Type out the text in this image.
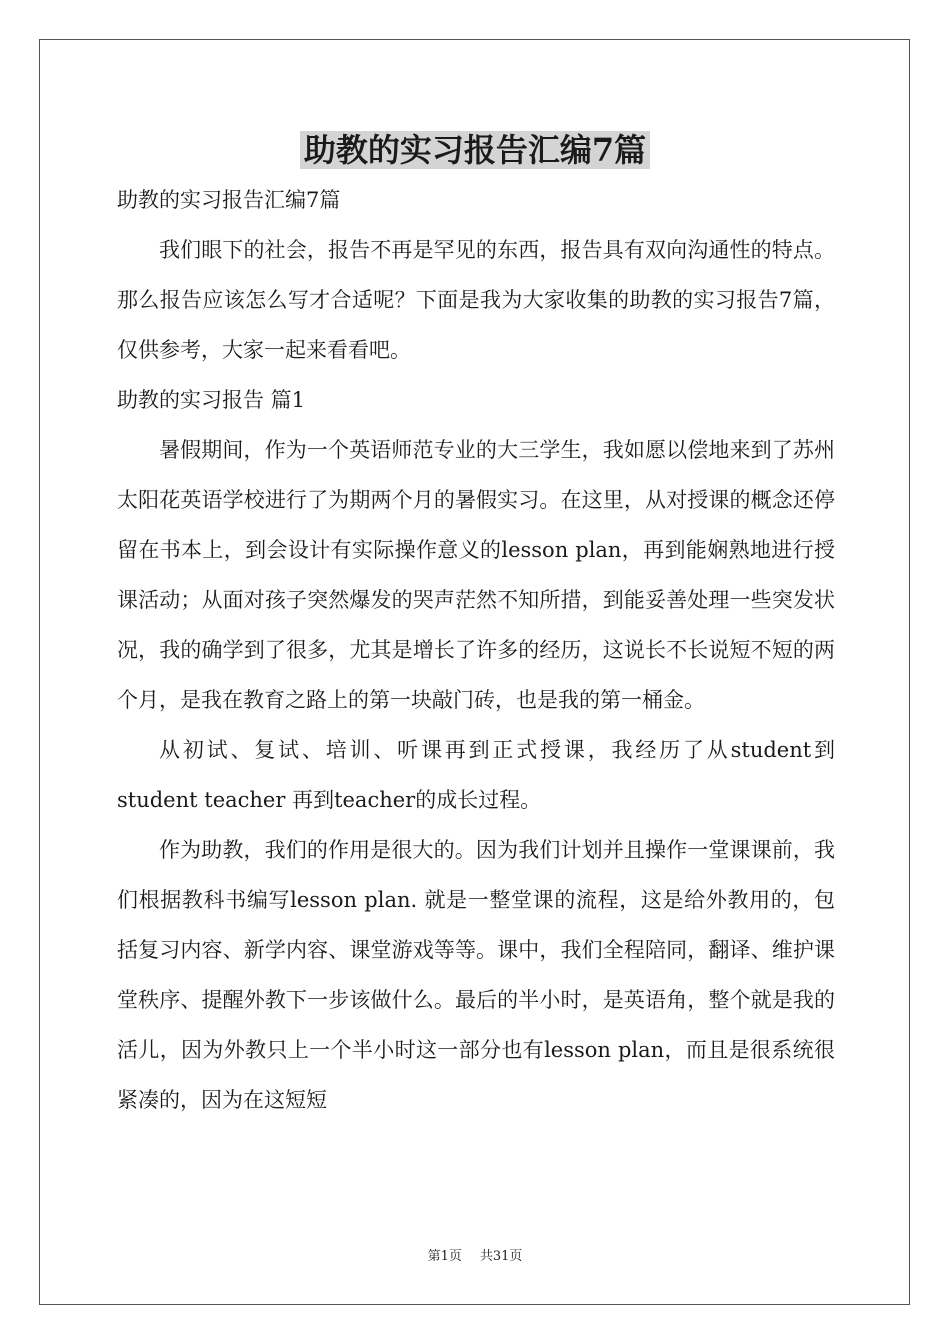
助教的实习报告汇编7篇

助教的实习报告汇编7篇

我们眼下的社会，报告不再是罕见的东西，报告具有双向沟通性的特点。那么报告应该怎么写才合适呢？下面是我为大家收集的助教的实习报告7篇，仅供参考，大家一起来看看吧。

助教的实习报告 篇1

暑假期间，作为一个英语师范专业的大三学生，我如愿以偿地来到了苏州太阳花英语学校进行了为期两个月的暑假实习。在这里，从对授课的概念还停留在书本上，到会设计有实际操作意义的lesson plan，再到能娴熟地进行授课活动；从面对孩子突然爆发的哭声茫然不知所措，到能妥善处理一些突发状况，我的确学到了很多，尤其是增长了许多的经历，这说长不长说短不短的两个月，是我在教育之路上的第一块敲门砖，也是我的第一桶金。

从初试、复试、培训、听课再到正式授课，我经历了从student到student teacher 再到teacher的成长过程。

作为助教，我们的作用是很大的。因为我们计划并且操作一堂课课前，我们根据教科书编写lesson plan. 就是一整堂课的流程，这是给外教用的，包括复习内容、新学内容、课堂游戏等等。课中，我们全程陪同，翻译、维护课堂秩序、提醒外教下一步该做什么。最后的半小时，是英语角，整个就是我的活儿，因为外教只上一个半小时这一部分也有lesson plan，而且是很系统很紧凑的，因为在这短短

第1页 共31页
